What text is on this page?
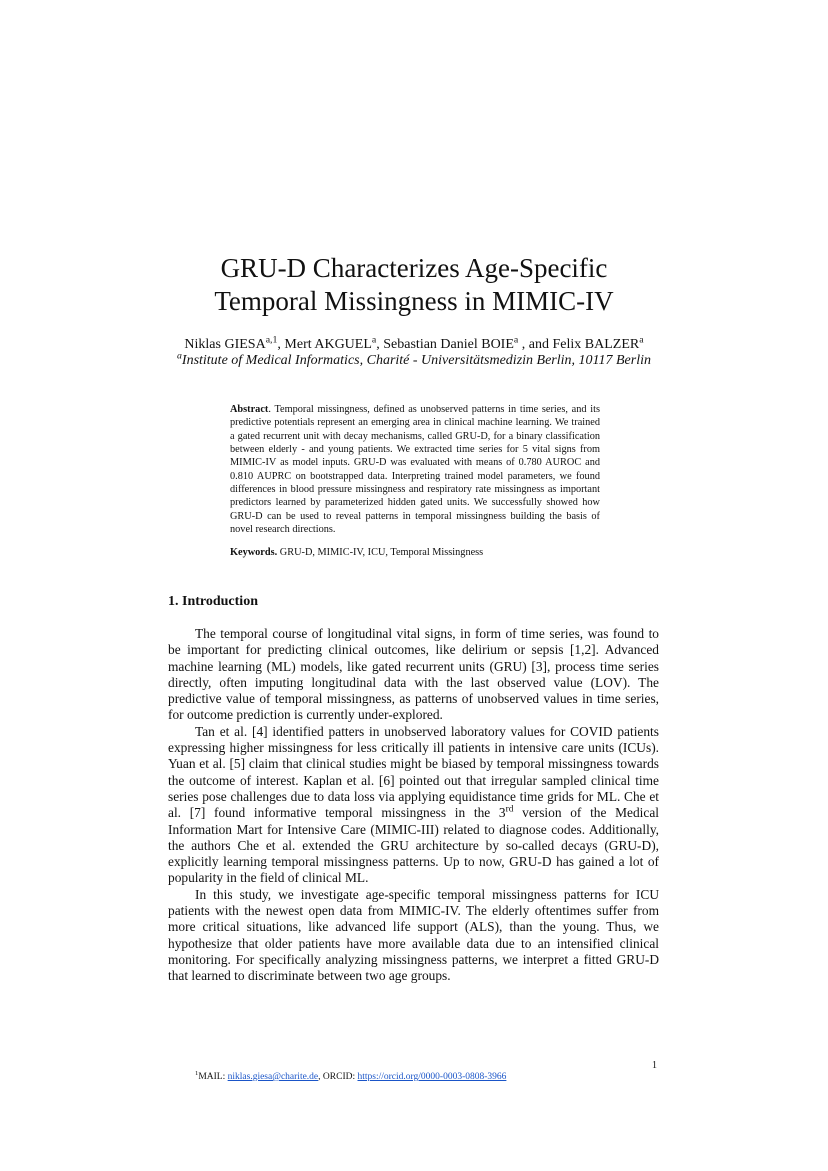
GRU-D Characterizes Age-Specific
Temporal Missingness in MIMIC-IV
Niklas GIESA$^{a,1}$, Mert AKGUEL$^a$, Sebastian Daniel BOIE$^a$ , and Felix BALZER$^a$
$^a$Institute of Medical Informatics, Charité - Universitätsmedizin Berlin, 10117 Berlin
Abstract. Temporal missingness, defined as unobserved patterns in time series, and its predictive potentials represent an emerging area in clinical machine learning. We trained a gated recurrent unit with decay mechanisms, called GRU-D, for a binary classification between elderly - and young patients. We extracted time series for 5 vital signs from MIMIC-IV as model inputs. GRU-D was evaluated with means of 0.780 AUROC and 0.810 AUPRC on bootstrapped data. Interpreting trained model parameters, we found differences in blood pressure missingness and respiratory rate missingness as important predictors learned by parameterized hidden gated units. We successfully showed how GRU-D can be used to reveal patterns in temporal missingness building the basis of novel research directions.
Keywords. GRU-D, MIMIC-IV, ICU, Temporal Missingness
1. Introduction

The temporal course of longitudinal vital signs, in form of time series, was found to be important for predicting clinical outcomes, like delirium or sepsis [1,2]. Advanced machine learning (ML) models, like gated recurrent units (GRU) [3], process time series directly, often imputing longitudinal data with the last observed value (LOV). The predictive value of temporal missingness, as patterns of unobserved values in time series, for outcome prediction is currently under-explored.

Tan et al. [4] identified patters in unobserved laboratory values for COVID patients expressing higher missingness for less critically ill patients in intensive care units (ICUs). Yuan et al. [5] claim that clinical studies might be biased by temporal missingness towards the outcome of interest. Kaplan et al. [6] pointed out that irregular sampled clinical time series pose challenges due to data loss via applying equidistance time grids for ML. Che et al. [7] found informative temporal missingness in the 3rd version of the Medical Information Mart for Intensive Care (MIMIC-III) related to diagnose codes. Additionally, the authors Che et al. extended the GRU architecture by so-called decays (GRU-D), explicitly learning temporal missingness patterns. Up to now, GRU-D has gained a lot of popularity in the field of clinical ML.

In this study, we investigate age-specific temporal missingness patterns for ICU patients with the newest open data from MIMIC-IV. The elderly oftentimes suffer from more critical situations, like advanced life support (ALS), than the young. Thus, we hypothesize that older patients have more available data due to an intensified clinical monitoring. For specifically analyzing missingness patterns, we interpret a fitted GRU-D that learned to discriminate between two age groups.

1
$^1$MAIL: niklas.giesa@charite.de, ORCID: https://orcid.org/0000-0003-0808-3966
